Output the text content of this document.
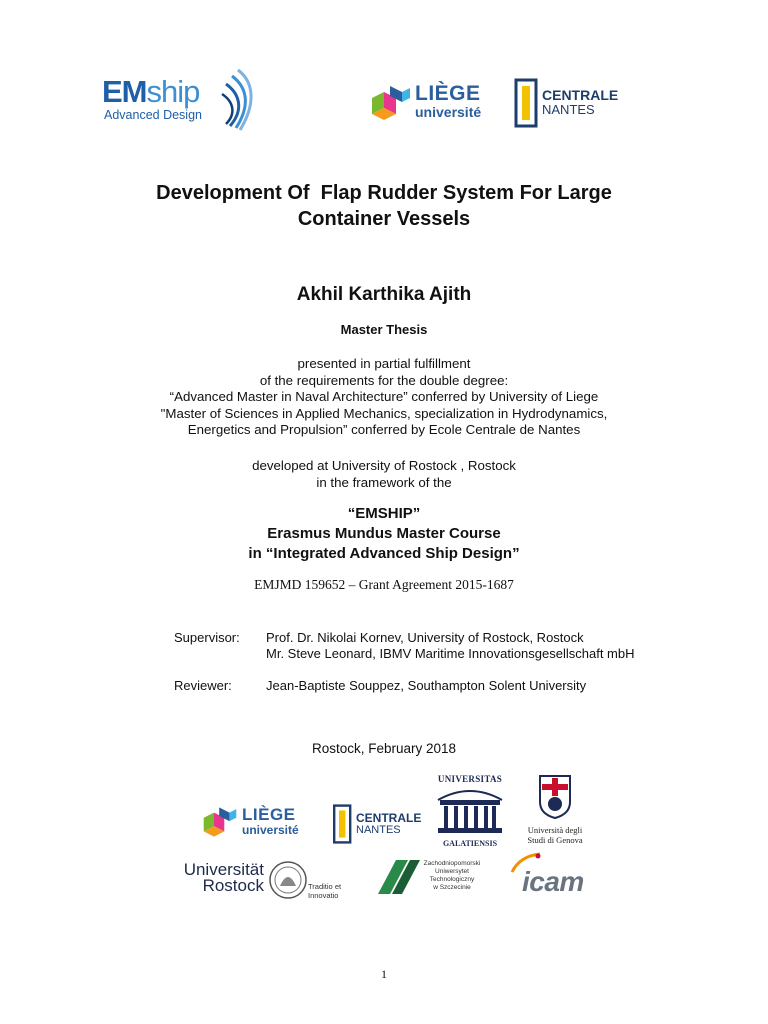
EMship
Advanced Design
LIÈGE
université
CENTRALE
NANTES
Development Of  Flap Rudder System For Large
Container Vessels
Akhil Karthika Ajith
Master Thesis
presented in partial fulfillment
of the requirements for the double degree:
“Advanced Master in Naval Architecture” conferred by University of Liege
"Master of Sciences in Applied Mechanics, specialization in Hydrodynamics,
Energetics and Propulsion” conferred by Ecole Centrale de Nantes
developed at University of Rostock , Rostock
in the framework of the
“EMSHIP”
Erasmus Mundus Master Course
in “Integrated Advanced Ship Design”
EMJMD 159652 – Grant Agreement 2015-1687
Supervisor: Prof. Dr. Nikolai Kornev, University of Rostock, Rostock
Mr. Steve Leonard, IBMV Maritime Innovationsgesellschaft mbH
Reviewer:	Jean-Baptiste Souppez, Southampton Solent University
Rostock, February 2018
LIÈGE
université
CENTRALE
NANTES
UNIVERSITAS
GALATIENSIS
Università degli
Studi di Genova
Universität
Rostock	Traditio et Innovatio
Zachodniopomorski
Uniwersytet
Technologiczny
w Szczecinie	icam
1
